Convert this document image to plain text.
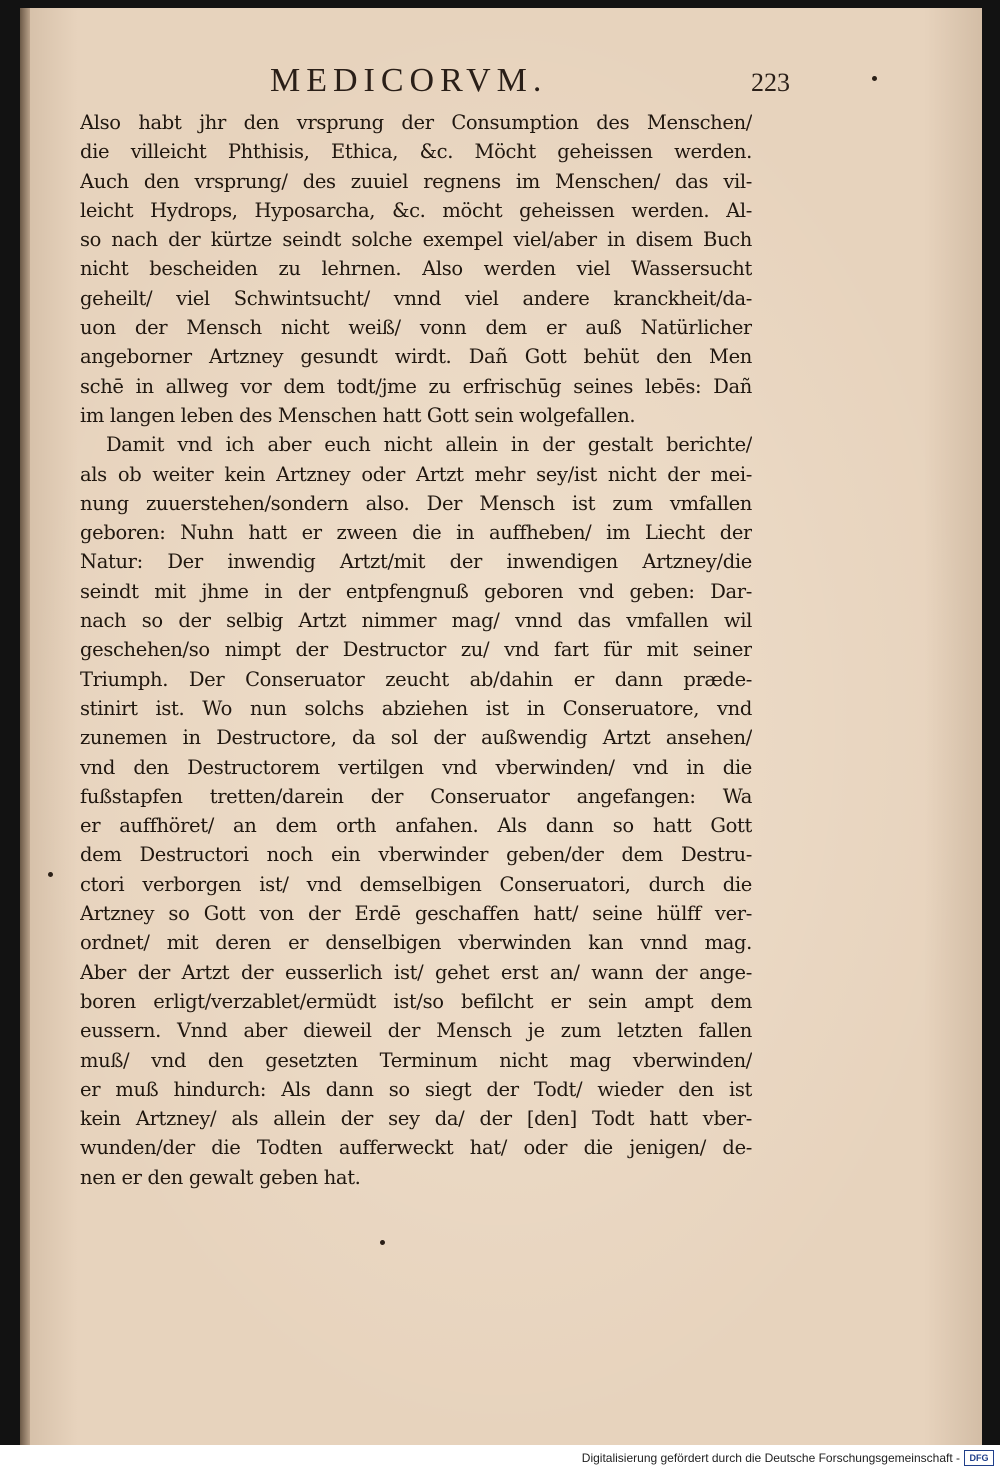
MEDICORVM.	223
Also habt jhr den vrsprung der Consumption des Menschen/
die villeicht Phthisis, Ethica, &c. Möcht geheissen werden.
Auch den vrsprung/ des zuuiel regnens im Menschen/ das vil-
leicht Hydrops, Hyposarcha, &c. möcht geheissen werden. Al-
so nach der kürtze seindt solche exempel viel/aber in disem Buch
nicht bescheiden zu lehrnen. Also werden viel Wassersucht
geheilt/ viel Schwintsucht/ vnnd viel andere kranckheit/da-
uon der Mensch nicht weiß/ vonn dem er auß Natürlicher
angeborner Artzney gesundt wirdt. Dañ Gott behüt den Men
schē in allweg vor dem todt/jme zu erfrischūg seines lebēs: Dañ
im langen leben des Menschen hatt Gott sein wolgefallen.
Damit vnd ich aber euch nicht allein in der gestalt berichte/
als ob weiter kein Artzney oder Artzt mehr sey/ist nicht der mei-
nung zuuerstehen/sondern also. Der Mensch ist zum vmfallen
geboren: Nuhn hatt er zween die in auffheben/ im Liecht der
Natur: Der inwendig Artzt/mit der inwendigen Artzney/die
seindt mit jhme in der entpfengnuß geboren vnd geben: Dar-
nach so der selbig Artzt nimmer mag/ vnnd das vmfallen wil
geschehen/so nimpt der Destructor zu/ vnd fart für mit seiner
Triumph. Der Conseruator zeucht ab/dahin er dann præde-
stinirt ist. Wo nun solchs abziehen ist in Conseruatore, vnd
zunemen in Destructore, da sol der außwendig Artzt ansehen/
vnd den Destructorem vertilgen vnd vberwinden/ vnd in die
fußstapfen tretten/darein der Conseruator angefangen: Wa
er auffhöret/ an dem orth anfahen. Als dann so hatt Gott
dem Destructori noch ein vberwinder geben/der dem Destru-
ctori verborgen ist/ vnd demselbigen Conseruatori, durch die
Artzney so Gott von der Erdē geschaffen hatt/ seine hülff ver-
ordnet/ mit deren er denselbigen vberwinden kan vnnd mag.
Aber der Artzt der eusserlich ist/ gehet erst an/ wann der ange-
boren erligt/verzablet/ermüdt ist/so befilcht er sein ampt dem
eussern. Vnnd aber dieweil der Mensch je zum letzten fallen
muß/ vnd den gesetzten Terminum nicht mag vberwinden/
er muß hindurch: Als dann so siegt der Todt/ wieder den ist
kein Artzney/ als allein der sey da/ der [den] Todt hatt vber-
wunden/der die Todten aufferweckt hat/ oder die jenigen/ de-
nen er den gewalt geben hat.
Digitalisierung gefördert durch die Deutsche Forschungsgemeinschaft -	DFG
